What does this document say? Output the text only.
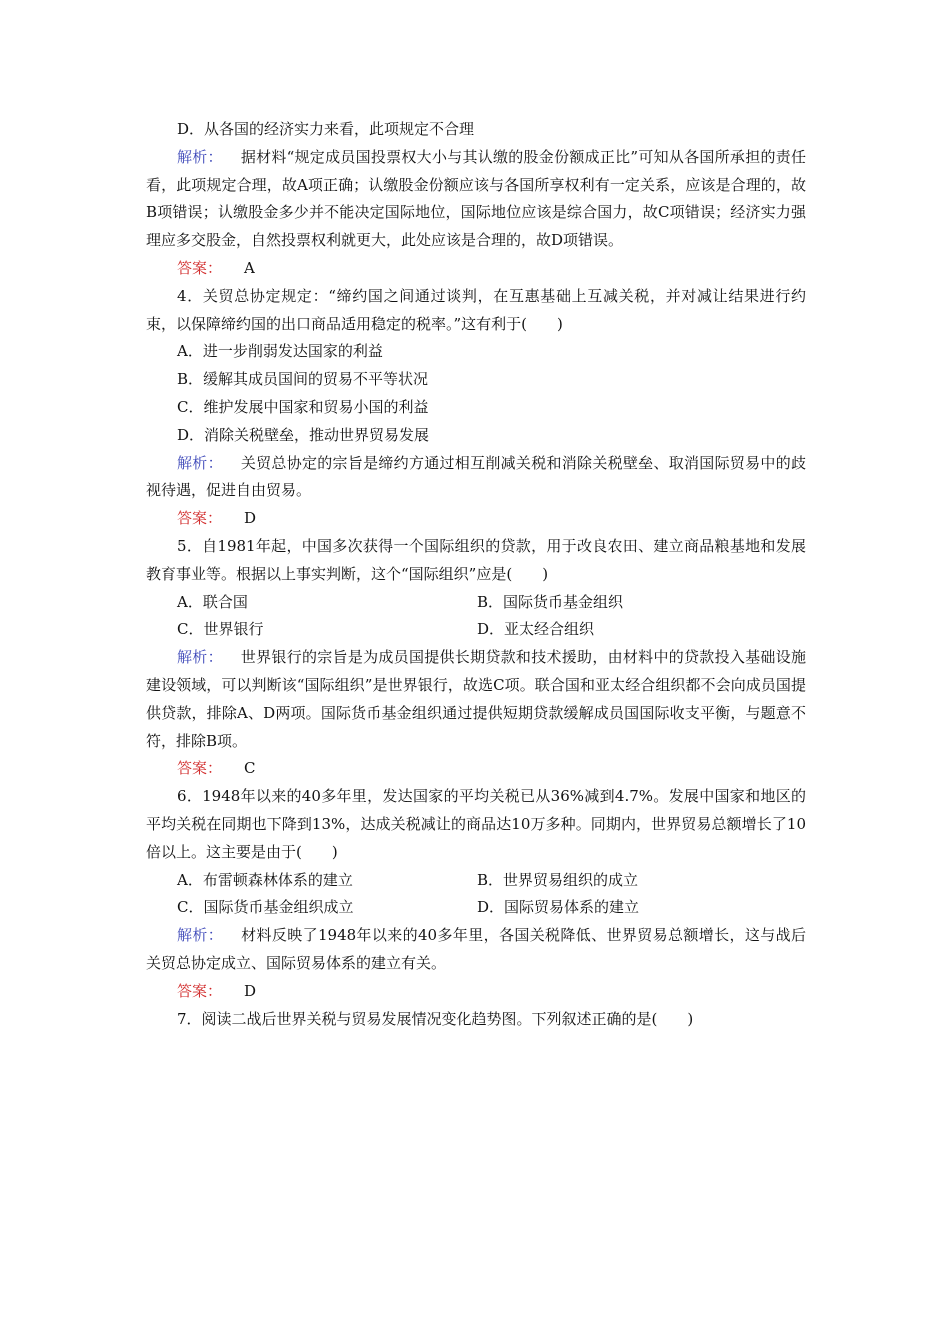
D．从各国的经济实力来看，此项规定不合理
解析： 据材料“规定成员国投票权大小与其认缴的股金份额成正比”可知从各国所承担的责任看，此项规定合理，故A项正确；认缴股金份额应该与各国所享权利有一定关系，应该是合理的，故B项错误；认缴股金多少并不能决定国际地位，国际地位应该是综合国力，故C项错误；经济实力强理应多交股金，自然投票权利就更大，此处应该是合理的，故D项错误。
答案： A
4．关贸总协定规定：“缔约国之间通过谈判，在互惠基础上互减关税，并对减让结果进行约束，以保障缔约国的出口商品适用稳定的税率。”这有利于(　　)
A．进一步削弱发达国家的利益
B．缓解其成员国间的贸易不平等状况
C．维护发展中国家和贸易小国的利益
D．消除关税壁垒，推动世界贸易发展
解析： 关贸总协定的宗旨是缔约方通过相互削减关税和消除关税壁垒、取消国际贸易中的歧视待遇，促进自由贸易。
答案： D
5．自1981年起，中国多次获得一个国际组织的贷款，用于改良农田、建立商品粮基地和发展教育事业等。根据以上事实判断，这个“国际组织”应是(　　)
A．联合国	B．国际货币基金组织
C．世界银行	D．亚太经合组织
解析： 世界银行的宗旨是为成员国提供长期贷款和技术援助，由材料中的贷款投入基础设施建设领域，可以判断该“国际组织”是世界银行，故选C项。联合国和亚太经合组织都不会向成员国提供贷款，排除A、D两项。国际货币基金组织通过提供短期贷款缓解成员国国际收支平衡，与题意不符，排除B项。
答案： C
6．1948年以来的40多年里，发达国家的平均关税已从36%减到4.7%。发展中国家和地区的平均关税在同期也下降到13%，达成关税减让的商品达10万多种。同期内，世界贸易总额增长了10倍以上。这主要是由于(　　)
A．布雷顿森林体系的建立	B．世界贸易组织的成立
C．国际货币基金组织成立	D．国际贸易体系的建立
解析： 材料反映了1948年以来的40多年里，各国关税降低、世界贸易总额增长，这与战后关贸总协定成立、国际贸易体系的建立有关。
答案： D
7．阅读二战后世界关税与贸易发展情况变化趋势图。下列叙述正确的是(　　)
